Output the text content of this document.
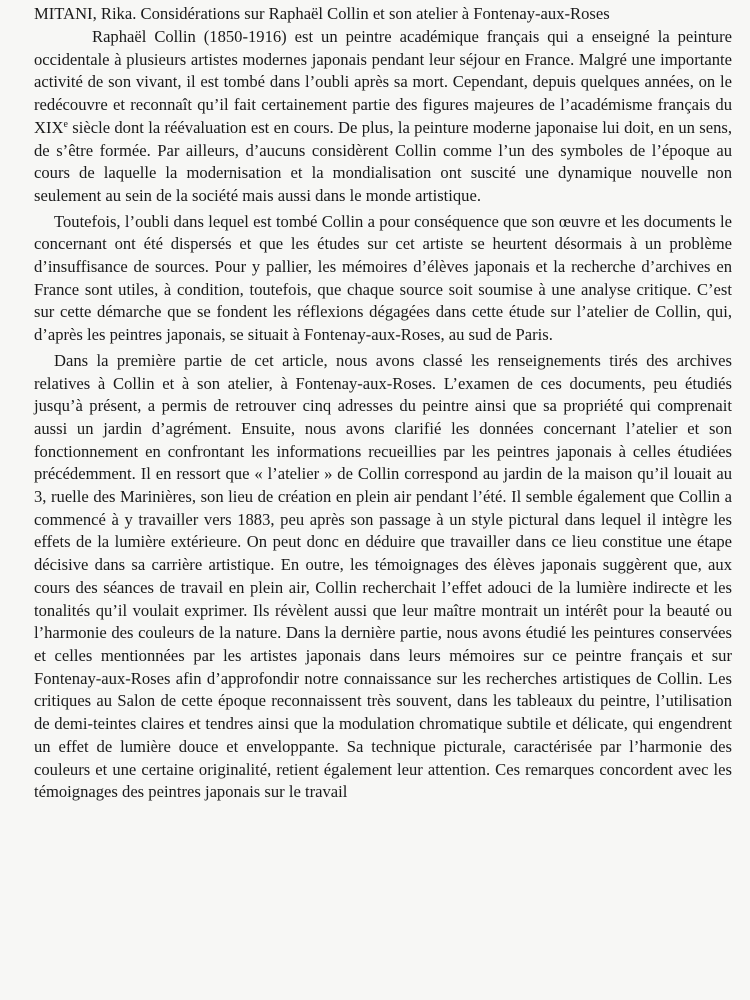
MITANI, Rika. Considérations sur Raphaël Collin et son atelier à Fontenay-aux-Roses

Raphaël Collin (1850-1916) est un peintre académique français qui a enseigné la peinture occidentale à plusieurs artistes modernes japonais pendant leur séjour en France. Malgré une importante activité de son vivant, il est tombé dans l’oubli après sa mort. Cependant, depuis quelques années, on le redécouvre et reconnaît qu’il fait certainement partie des figures majeures de l’académisme français du XIXe siècle dont la réévaluation est en cours. De plus, la peinture moderne japonaise lui doit, en un sens, de s’être formée. Par ailleurs, d’aucuns considèrent Collin comme l’un des symboles de l’époque au cours de laquelle la modernisation et la mondialisation ont suscité une dynamique nouvelle non seulement au sein de la société mais aussi dans le monde artistique.

Toutefois, l’oubli dans lequel est tombé Collin a pour conséquence que son œuvre et les documents le concernant ont été dispersés et que les études sur cet artiste se heurtent désormais à un problème d’insuffisance de sources. Pour y pallier, les mémoires d’élèves japonais et la recherche d’archives en France sont utiles, à condition, toutefois, que chaque source soit soumise à une analyse critique. C’est sur cette démarche que se fondent les réflexions dégagées dans cette étude sur l’atelier de Collin, qui, d’après les peintres japonais, se situait à Fontenay-aux-Roses, au sud de Paris.

Dans la première partie de cet article, nous avons classé les renseignements tirés des archives relatives à Collin et à son atelier, à Fontenay-aux-Roses. L’examen de ces documents, peu étudiés jusqu’à présent, a permis de retrouver cinq adresses du peintre ainsi que sa propriété qui comprenait aussi un jardin d’agrément. Ensuite, nous avons clarifié les données concernant l’atelier et son fonctionnement en confrontant les informations recueillies par les peintres japonais à celles étudiées précédemment. Il en ressort que « l’atelier » de Collin correspond au jardin de la maison qu’il louait au 3, ruelle des Marinières, son lieu de création en plein air pendant l’été. Il semble également que Collin a commencé à y travailler vers 1883, peu après son passage à un style pictural dans lequel il intègre les effets de la lumière extérieure. On peut donc en déduire que travailler dans ce lieu constitue une étape décisive dans sa carrière artistique. En outre, les témoignages des élèves japonais suggèrent que, aux cours des séances de travail en plein air, Collin recherchait l’effet adouci de la lumière indirecte et les tonalités qu’il voulait exprimer. Ils révèlent aussi que leur maître montrait un intérêt pour la beauté ou l’harmonie des couleurs de la nature. Dans la dernière partie, nous avons étudié les peintures conservées et celles mentionnées par les artistes japonais dans leurs mémoires sur ce peintre français et sur Fontenay-aux-Roses afin d’approfondir notre connaissance sur les recherches artistiques de Collin. Les critiques au Salon de cette époque reconnaissent très souvent, dans les tableaux du peintre, l’utilisation de demi-teintes claires et tendres ainsi que la modulation chromatique subtile et délicate, qui engendrent un effet de lumière douce et enveloppante. Sa technique picturale, caractérisée par l’harmonie des couleurs et une certaine originalité, retient également leur attention. Ces remarques concordent avec les témoignages des peintres japonais sur le travail
